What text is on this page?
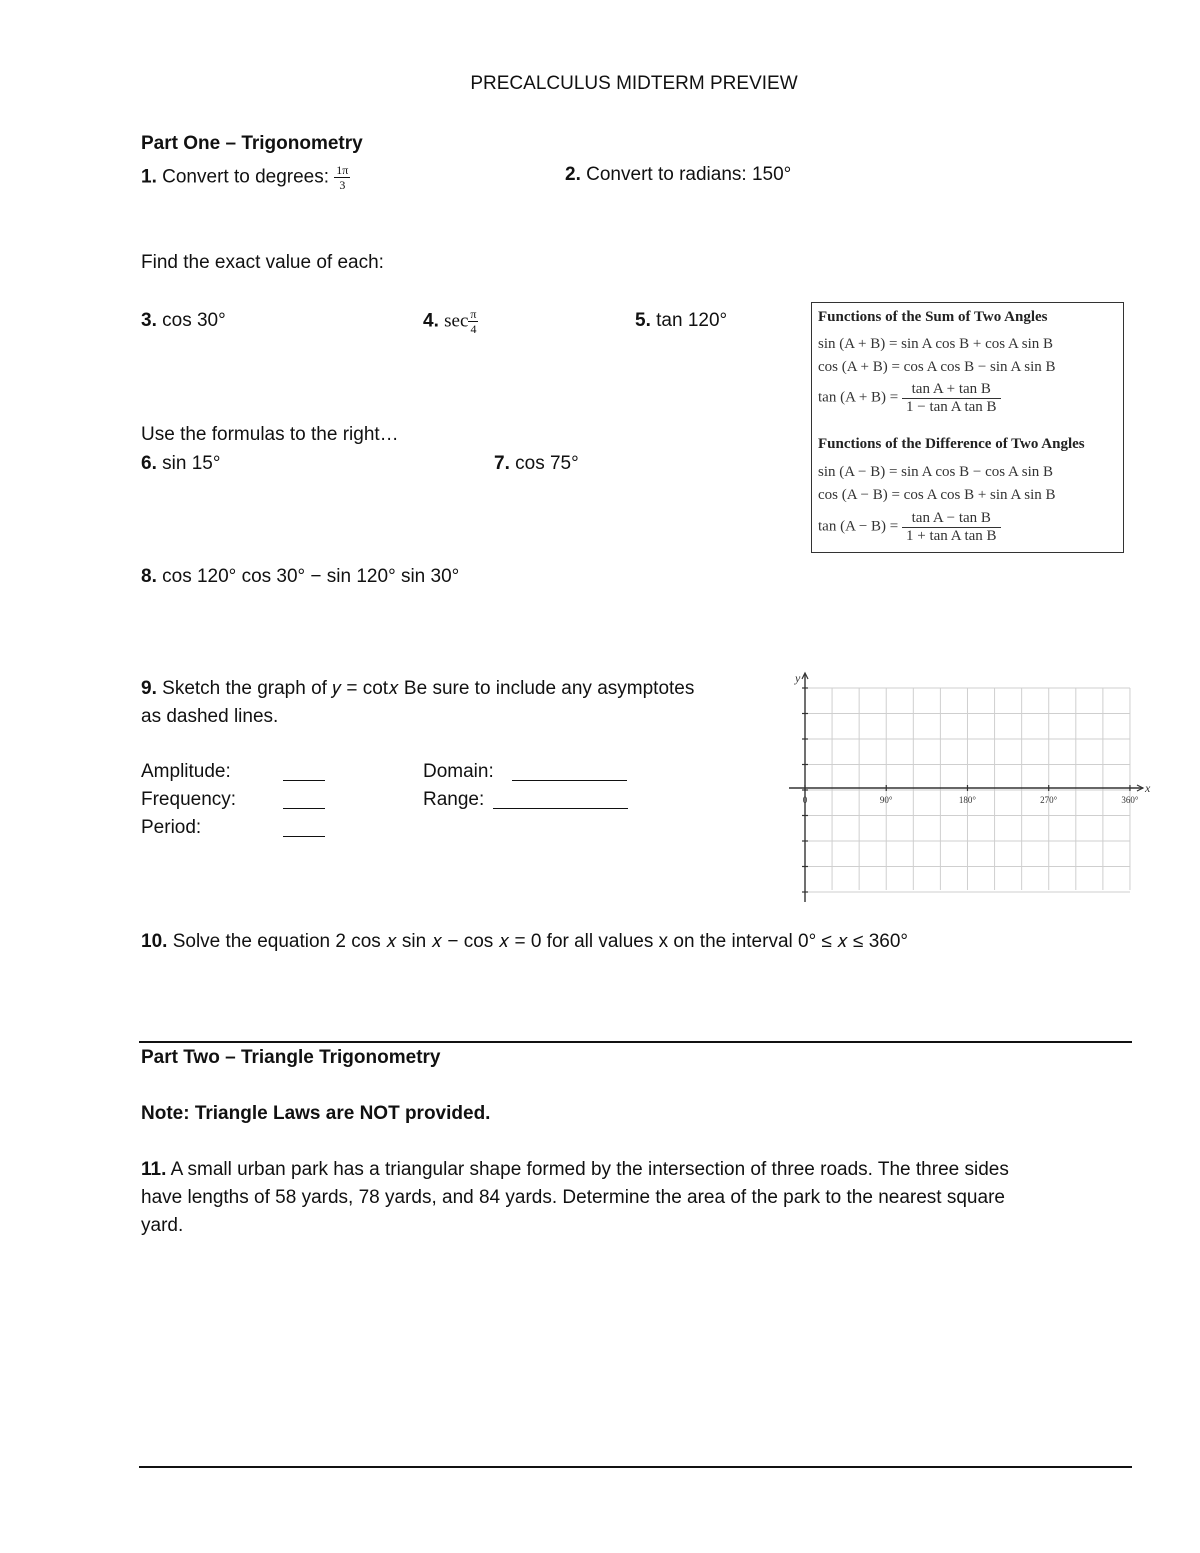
PRECALCULUS MIDTERM PREVIEW
Part One – Trigonometry
1. Convert to degrees: $\frac{1\pi}{3}$	2. Convert to radians: 150°
Find the exact value of each:
3. cos 30°	4. $\sec \frac{\pi}{4}$	5. tan 120°	Functions of the Sum of Two Angles
sin (A + B) = sin A cos B + cos A sin B
cos (A + B) = cos A cos B − sin A sin B
$\tan (A + B) = \frac{\text{tan A + tan B}}{\text{1 − tan A tan B}}$
Functions of the Difference of Two Angles
sin (A − B) = sin A cos B − cos A sin B
cos (A − B) = cos A cos B + sin A sin B
$\tan (A - B) = \frac{\text{tan A − tan B}}{\text{1 + tan A tan B}}$
Use the formulas to the right…
6. sin 15°	7. cos 75°
8. cos 120° cos 30° − sin 120° sin 30°
9. Sketch the graph of 𝑦 = cot𝑥 Be sure to include any asymptotes
as dashed lines.
Amplitude:
Frequency:
Period:
Domain:
Range:
y
x
0	90°	180°	270°	360°
10. Solve the equation 2 cos 𝑥 sin 𝑥 − cos 𝑥 = 0 for all values x on the interval 0° ≤ 𝑥 ≤ 360°
Part Two – Triangle Trigonometry
Note: Triangle Laws are NOT provided.
11. A small urban park has a triangular shape formed by the intersection of three roads. The three sides
have lengths of 58 yards, 78 yards, and 84 yards. Determine the area of the park to the nearest square
yard.
